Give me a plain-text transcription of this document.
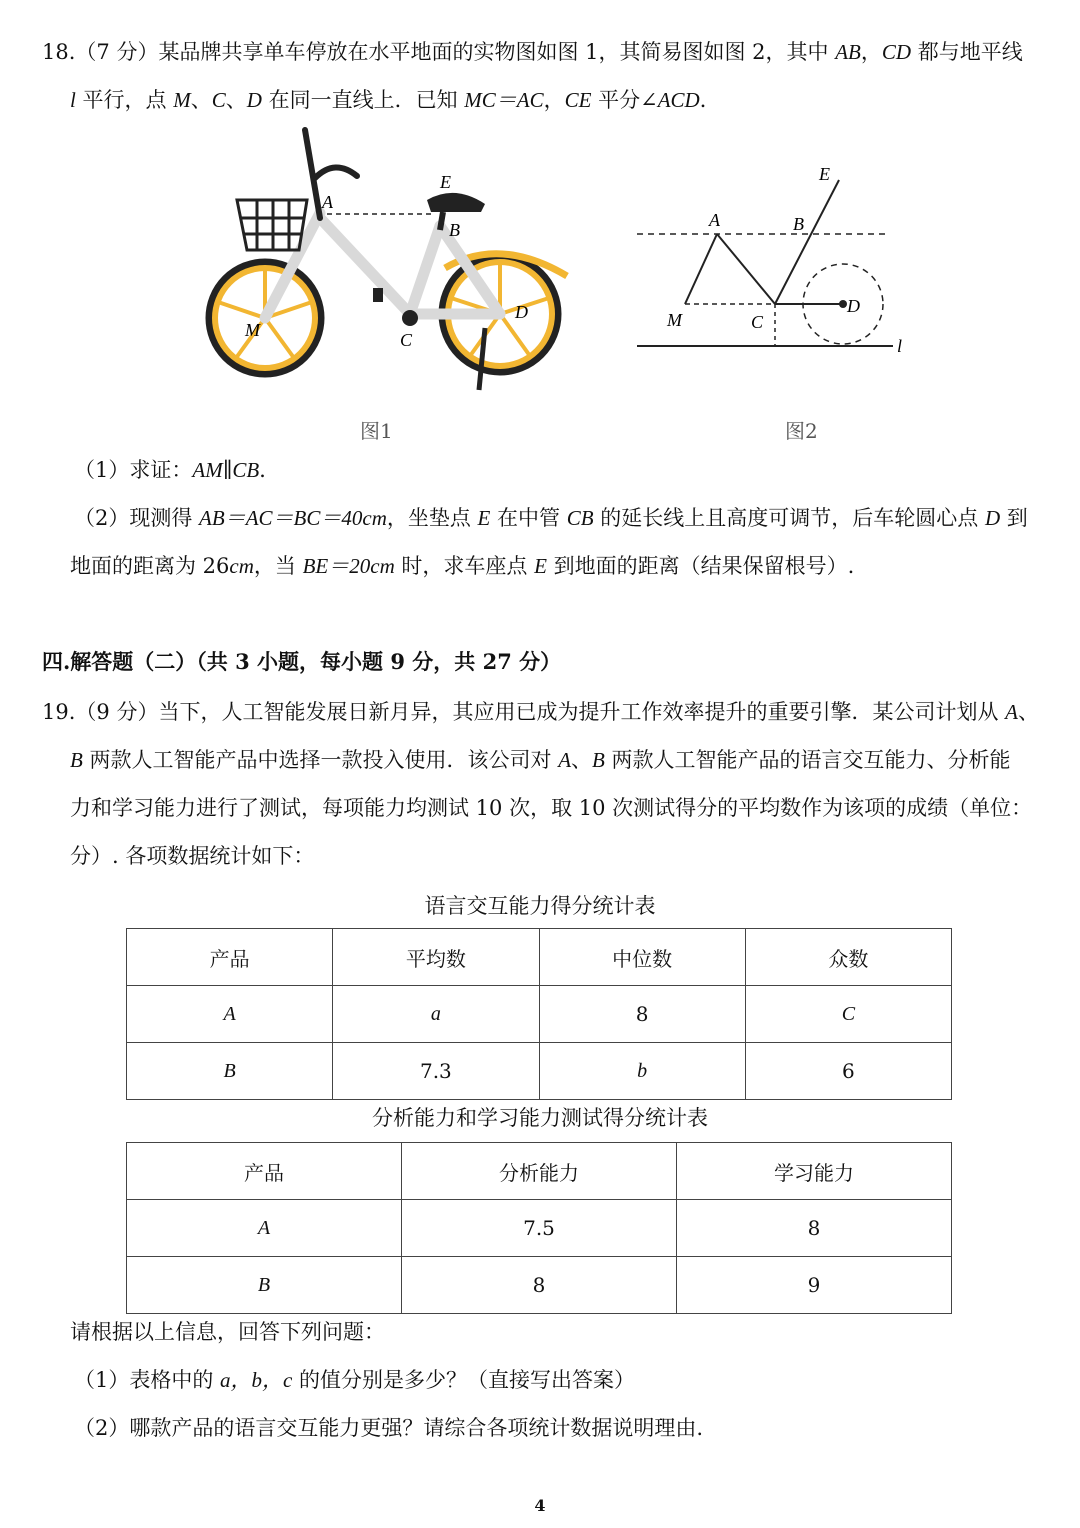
18.（7 分）某品牌共享单车停放在水平地面的实物图如图 1，其简易图如图 2，其中 AB，CD 都与地平线
l 平行，点 M、C、D 在同一直线上．已知 MC＝AC，CE 平分∠ACD．
A
B
E
C
D
M
图1
A	B
E
M	C
D
l
图2
（1）求证：AM∥CB．
（2）现测得 AB＝AC＝BC＝40cm，坐垫点 E 在中管 CB 的延长线上且高度可调节，后车轮圆心点 D 到
地面的距离为 26cm，当 BE＝20cm 时，求车座点 E 到地面的距离（结果保留根号）.
四.解答题（二）（共 3 小题，每小题 9 分，共 27 分）
19.（9 分）当下，人工智能发展日新月异，其应用已成为提升工作效率提升的重要引擎．某公司计划从 A、
B 两款人工智能产品中选择一款投入使用．该公司对 A、B 两款人工智能产品的语言交互能力、分析能
力和学习能力进行了测试，每项能力均测试 10 次，取 10 次测试得分的平均数作为该项的成绩（单位：
分）. 各项数据统计如下：
语言交互能力得分统计表
产品	平均数	中位数	众数
A	a	8	C
B	7.3	b	6
分析能力和学习能力测试得分统计表
产品	分析能力	学习能力
A	7.5	8
B	8	9
请根据以上信息，回答下列问题：
（1）表格中的 a，b，c 的值分别是多少？（直接写出答案）
（2）哪款产品的语言交互能力更强？请综合各项统计数据说明理由.
4
